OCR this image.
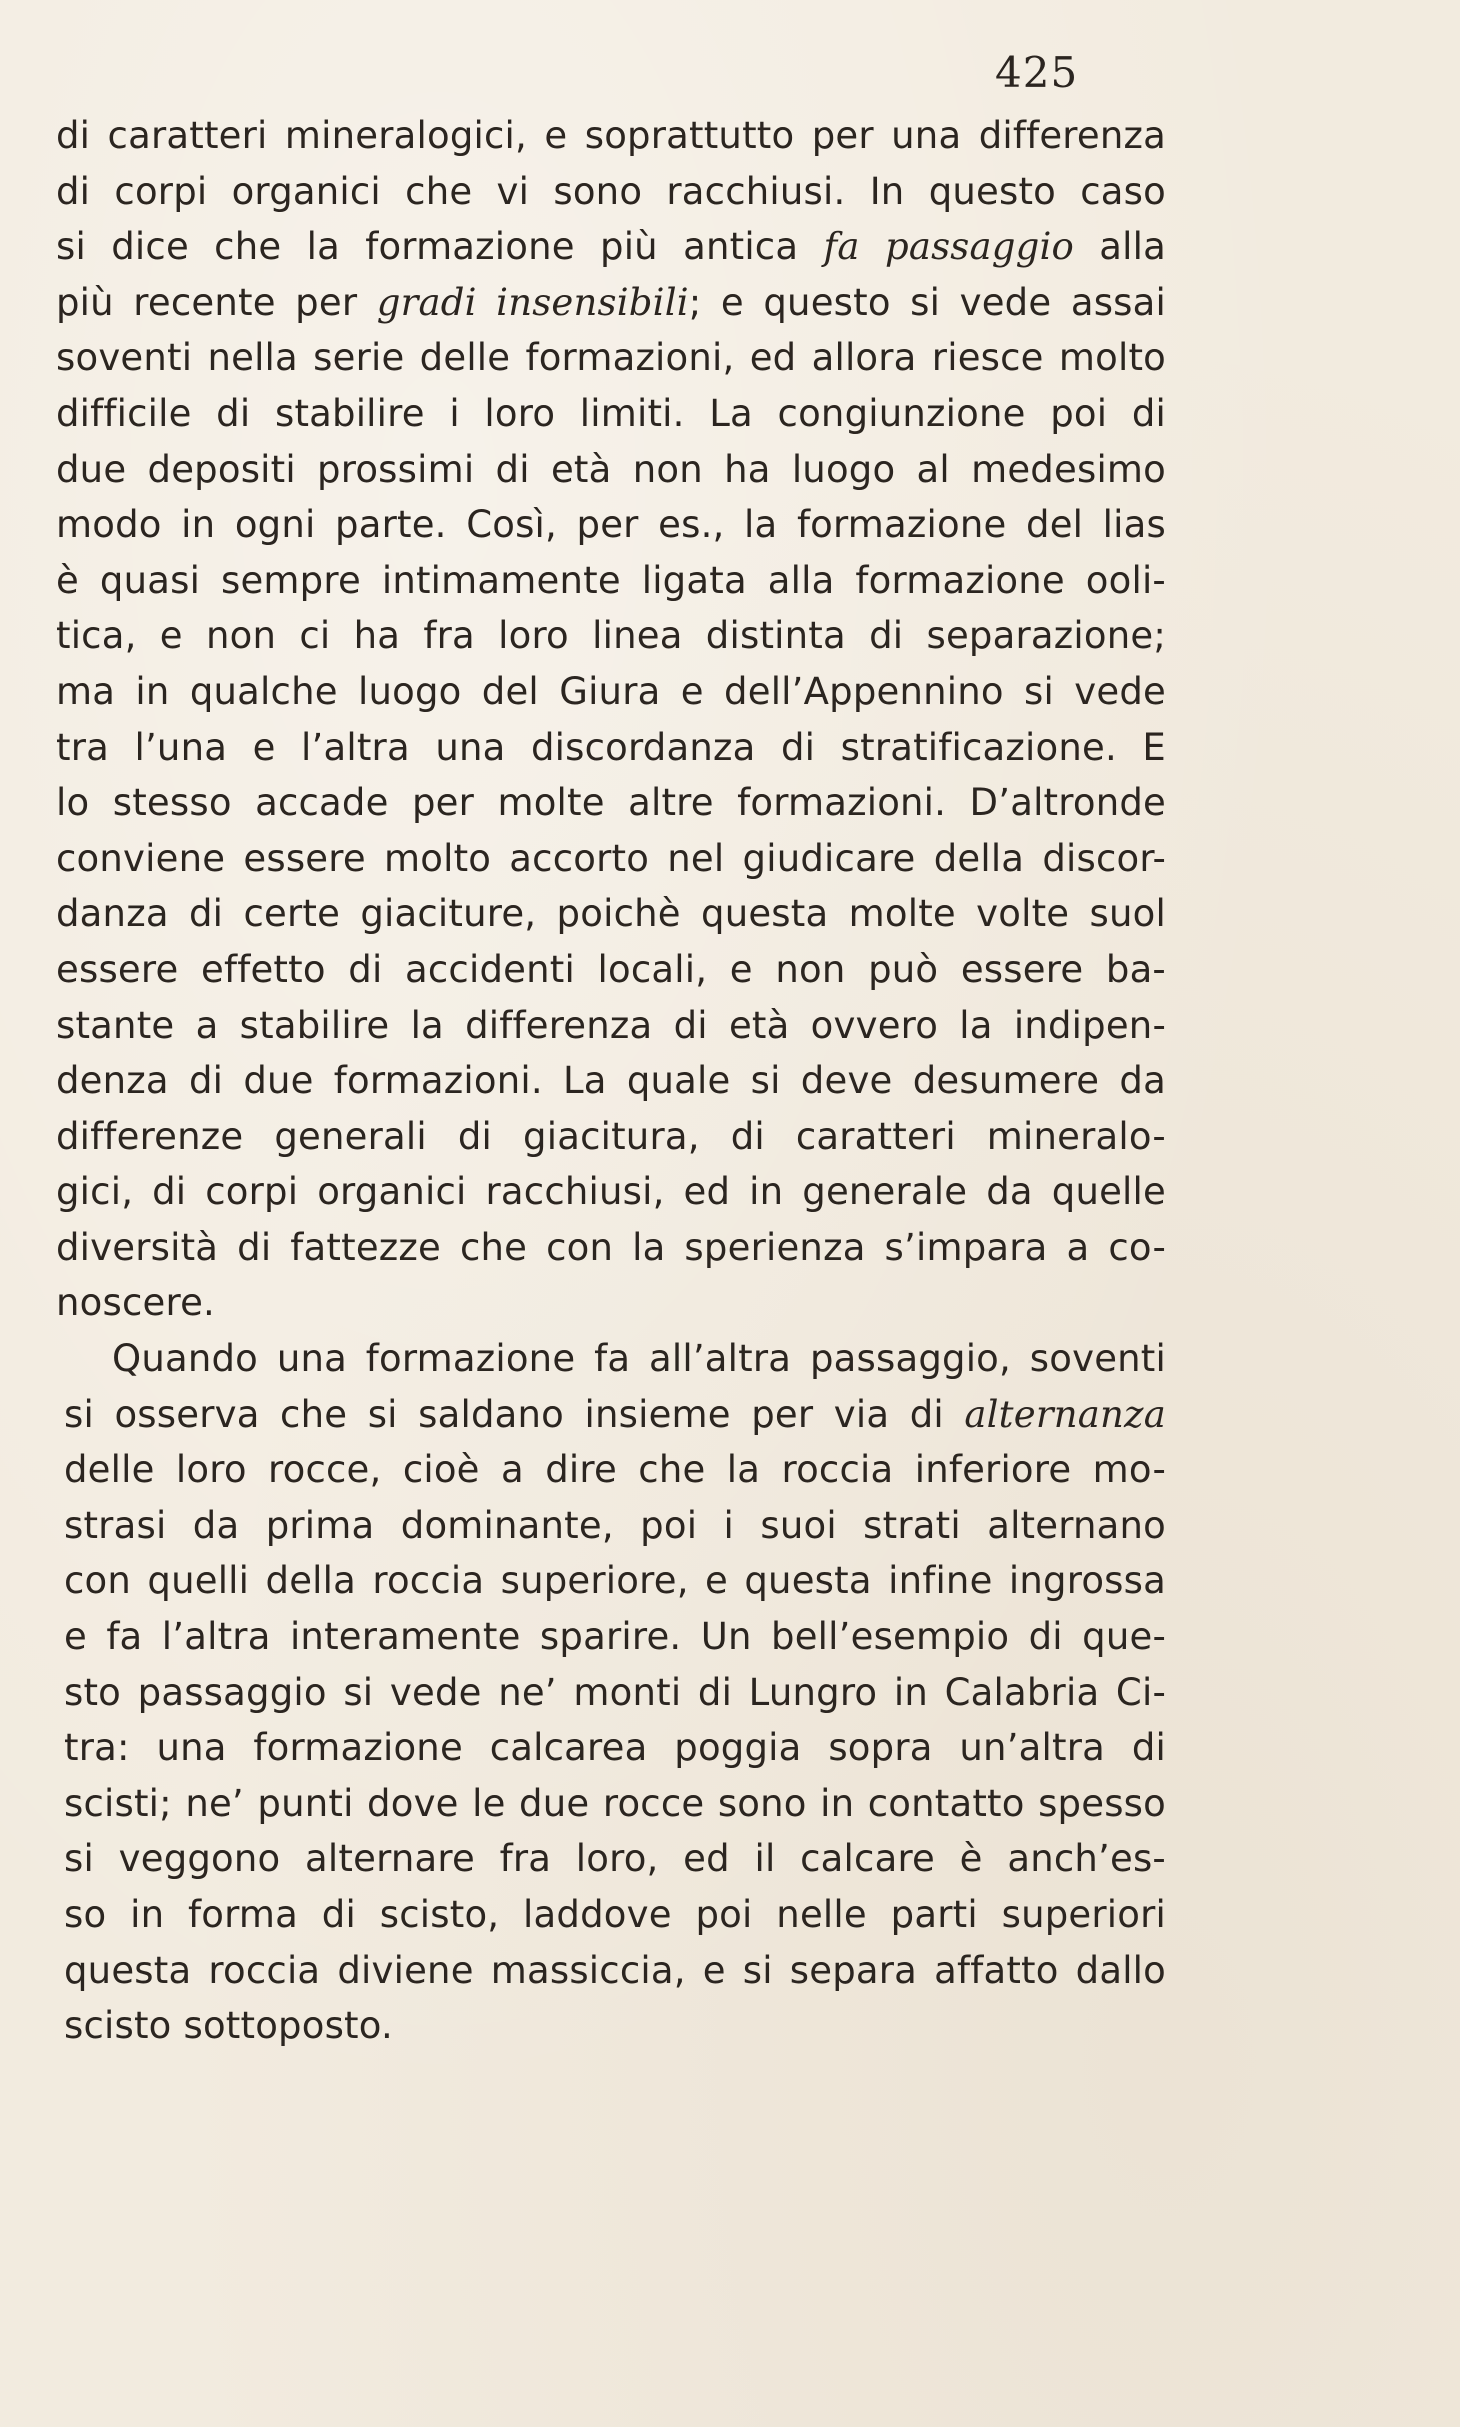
425
di caratteri mineralogici, e soprattutto per una differenza
di corpi organici che vi sono racchiusi. In questo caso
si dice che la formazione più antica fa passaggio alla
più recente per gradi insensibili; e questo si vede assai
soventi nella serie delle formazioni, ed allora riesce molto
difficile di stabilire i loro limiti. La congiunzione poi di
due depositi prossimi di età non ha luogo al medesimo
modo in ogni parte. Così, per es., la formazione del lias
è quasi sempre intimamente ligata alla formazione ooli-
tica, e non ci ha fra loro linea distinta di separazione;
ma in qualche luogo del Giura e dell’Appennino si vede
tra l’una e l’altra una discordanza di stratificazione. E
lo stesso accade per molte altre formazioni. D’altronde
conviene essere molto accorto nel giudicare della discor-
danza di certe giaciture, poichè questa molte volte suol
essere effetto di accidenti locali, e non può essere ba-
stante a stabilire la differenza di età ovvero la indipen-
denza di due formazioni. La quale si deve desumere da
differenze generali di giacitura, di caratteri mineralo-
gici, di corpi organici racchiusi, ed in generale da quelle
diversità di fattezze che con la sperienza s’impara a co-
noscere.
Quando una formazione fa all’altra passaggio, soventi
si osserva che si saldano insieme per via di alternanza
delle loro rocce, cioè a dire che la roccia inferiore mo-
strasi da prima dominante, poi i suoi strati alternano
con quelli della roccia superiore, e questa infine ingrossa
e fa l’altra interamente sparire. Un bell’esempio di que-
sto passaggio si vede ne’ monti di Lungro in Calabria Ci-
tra: una formazione calcarea poggia sopra un’altra di
scisti; ne’ punti dove le due rocce sono in contatto spesso
si veggono alternare fra loro, ed il calcare è anch’es-
so in forma di scisto, laddove poi nelle parti superiori
questa roccia diviene massiccia, e si separa affatto dallo
scisto sottoposto.
